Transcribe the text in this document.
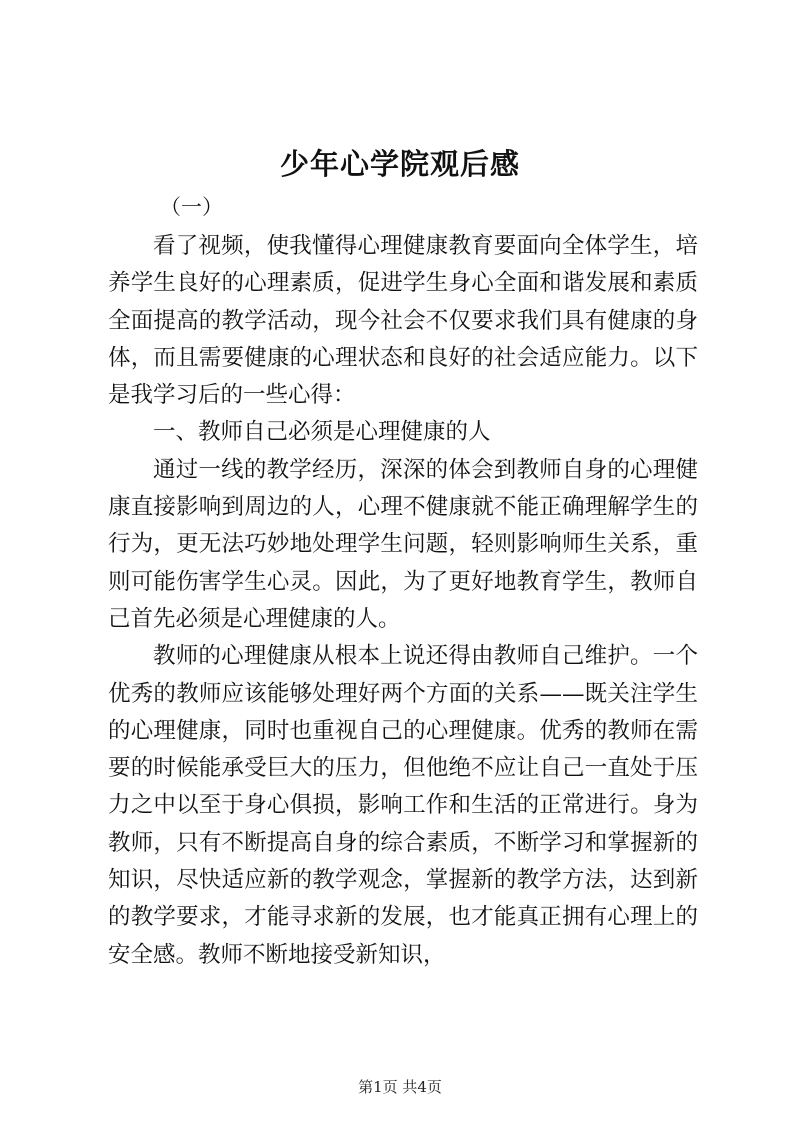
少年心学院观后感
（一）

看了视频，使我懂得心理健康教育要面向全体学生，培养学生良好的心理素质，促进学生身心全面和谐发展和素质全面提高的教学活动，现今社会不仅要求我们具有健康的身体，而且需要健康的心理状态和良好的社会适应能力。以下是我学习后的一些心得：

一、教师自己必须是心理健康的人

通过一线的教学经历，深深的体会到教师自身的心理健康直接影响到周边的人，心理不健康就不能正确理解学生的行为，更无法巧妙地处理学生问题，轻则影响师生关系，重则可能伤害学生心灵。因此，为了更好地教育学生，教师自己首先必须是心理健康的人。

教师的心理健康从根本上说还得由教师自己维护。一个优秀的教师应该能够处理好两个方面的关系——既关注学生的心理健康，同时也重视自己的心理健康。优秀的教师在需要的时候能承受巨大的压力，但他绝不应让自己一直处于压力之中以至于身心俱损，影响工作和生活的正常进行。身为教师，只有不断提高自身的综合素质，不断学习和掌握新的知识，尽快适应新的教学观念，掌握新的教学方法，达到新的教学要求，才能寻求新的发展，也才能真正拥有心理上的安全感。教师不断地接受新知识，

第1页 共4页
